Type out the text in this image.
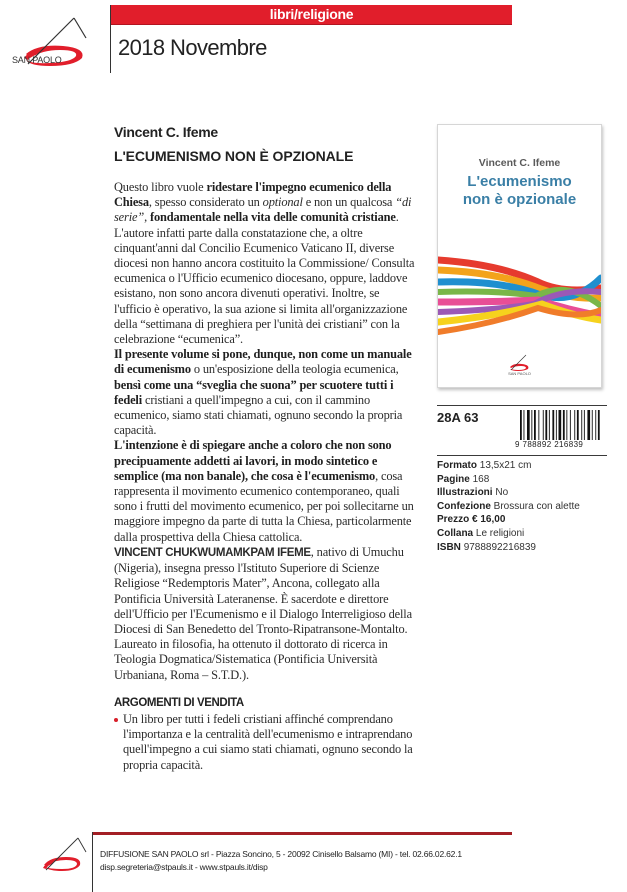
SAN PAOLO
libri/religione
2018 Novembre
Vincent C. Ifeme
L'ECUMENISMO NON È OPZIONALE

Questo libro vuole ridestare l'impegno ecumenico della Chiesa, spesso considerato un optional e non un qualcosa “di serie”, fondamentale nella vita delle comunità cristiane. L'autore infatti parte dalla constatazione che, a oltre cinquant'anni dal Concilio Ecumenico Vaticano II, diverse diocesi non hanno ancora costituito la Commissione/ Consulta ecumenica o l'Ufficio ecumenico diocesano, oppure, laddove esistano, non sono ancora divenuti operativi. Inoltre, se l'ufficio è operativo, la sua azione si limita all'organizzazione della “settimana di preghiera per l'unità dei cristiani” con la celebrazione “ecumenica”.

Il presente volume si pone, dunque, non come un manuale di ecumenismo o un'esposizione della teologia ecumenica, bensì come una “sveglia che suona” per scuotere tutti i fedeli cristiani a quell'impegno a cui, con il cammino ecumenico, siamo stati chiamati, ognuno secondo la propria capacità.

L'intenzione è di spiegare anche a coloro che non sono precipuamente addetti ai lavori, in modo sintetico e semplice (ma non banale), che cosa è l'ecumenismo, cosa rappresenta il movimento ecumenico contemporaneo, quali sono i frutti del movimento ecumenico, per poi sollecitarne un maggiore impegno da parte di tutta la Chiesa, particolarmente dalla prospettiva della Chiesa cattolica.

VINCENT CHUKWUMAMKPAM IFEME, nativo di Umuchu (Nigeria), insegna presso l'Istituto Superiore di Scienze Religiose “Redemptoris Mater”, Ancona, collegato alla Pontificia Università Lateranense. È sacerdote e direttore dell'Ufficio per l'Ecumenismo e il Dialogo Interreligioso della Diocesi di San Benedetto del Tronto-Ripatransone-Montalto. Laureato in filosofia, ha ottenuto il dottorato di ricerca in Teologia Dogmatica/Sistematica (Pontificia Università Urbaniana, Roma – S.T.D.).

ARGOMENTI DI VENDITA
Un libro per tutti i fedeli cristiani affinché comprendano l'importanza e la centralità dell'ecumenismo e intraprendano quell'impegno a cui siamo stati chiamati, ognuno secondo la propria capacità.
Vincent C. Ifeme
L'ecumenismo
non è opzionale
SAN PAOLO
28A 63
9 788892 216839
Formato 13,5x21 cm
Pagine 168
Illustrazioni No
Confezione Brossura con alette
Prezzo € 16,00
Collana Le religioni
ISBN 9788892216839
DIFFUSIONE SAN PAOLO srl - Piazza Soncino, 5 - 20092 Cinisello Balsamo (MI) - tel. 02.66.02.62.1
disp.segreteria@stpauls.it - www.stpauls.it/disp
